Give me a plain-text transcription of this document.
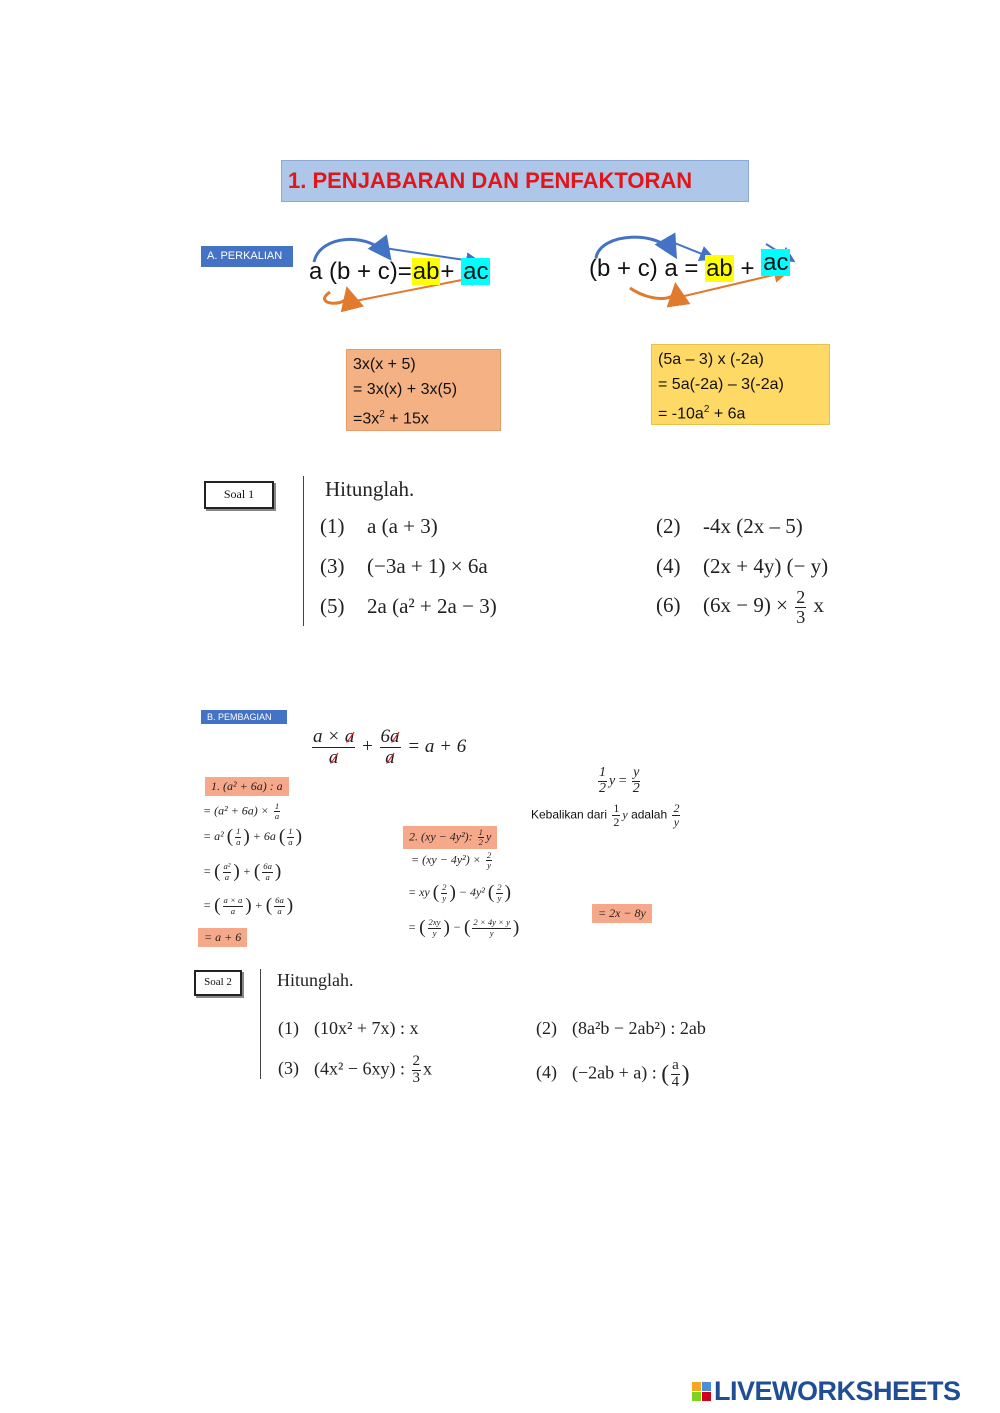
1. PENJABARAN DAN PENFAKTORAN
A. PERKALIAN
a (b + c)=ab+ ac	(b + c) a = ab + ac
3x(x + 5)
= 3x(x) + 3x(5)
$=3x^2 + 15x$
(5a – 3) x (-2a)
= 5a(-2a) – 3(-2a)
= $-10a^2 + 6a$
Soal 1	Hitunglah.
(1) a (a + 3)	(2) -4x (2x – 5)
(3) (−3a + 1) × 6a	(4) (2x + 4y) (− y)
(5) 2a (a² + 2a − 3)	(6) $(6x - 9) \times \frac{2}{3}$ x
B. PEMBAGIAN
$\frac{a \times a}{a} + \frac{6a}{a} = a + 6$
$\frac{1}{2}$ $y = \frac{y}{2}$
Kebalikan dari $\frac{1}{2}$ y adalah $\frac{2}{y}$
1. (a² + 6a) : a
= $(a^2 + 6a) \times \frac{1}{a}$
= a² ( $\frac{1}{a}$ ) + 6a ( $\frac{1}{a}$ )
= ( $\frac{\text{a²}}{a}$ ) + ( $\frac{6a}{a}$ )
= ( $\frac{a \times a}{a}$ ) + ( $\frac{6a}{a}$ )
= a + 6
2. (xy − 4y²): $\frac{1}{2}$ y
= $(xy - 4y^2) \times \frac{2}{y}$
= xy ( $\frac{2}{y}$ ) − 4y² ( $\frac{2}{y}$ )
= ( $\frac{2xy}{y}$ ) − ( $\frac{2 \times 4y \times y}{y}$ )
= 2x − 8y
Soal 2	Hitunglah.
(1) (10x² + 7x) : x	(2) (8a²b − 2ab²) : 2ab
(3) (4x² − 6xy) : $\frac{2}{3}$ x	(4) (−2ab + a) : ( $\frac{a}{4}$ )
LIVEWORKSHEETS
